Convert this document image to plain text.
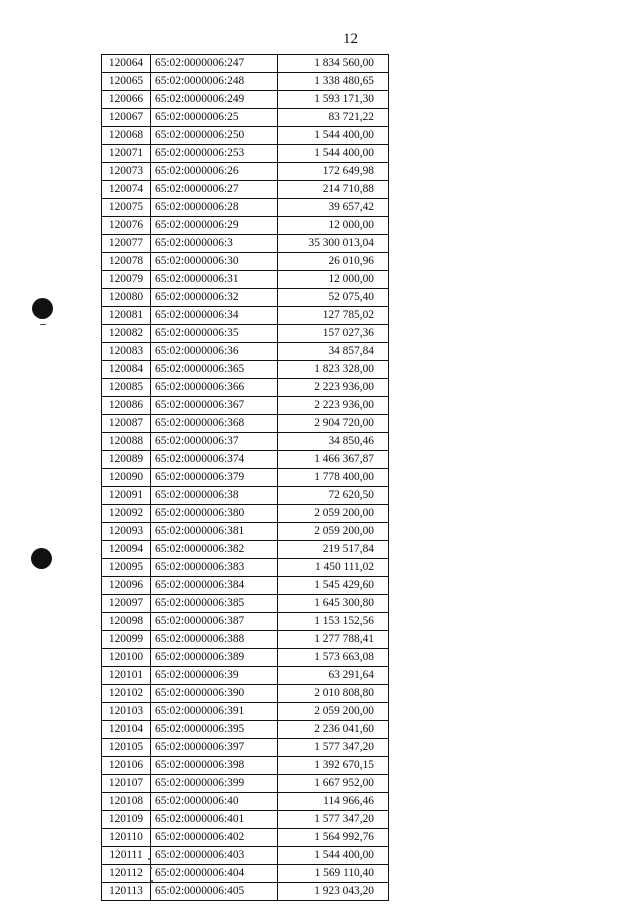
12
120064	65:02:0000006:247	1 834 560,00
120065	65:02:0000006:248	1 338 480,65
120066	65:02:0000006:249	1 593 171,30
120067	65:02:0000006:25	83 721,22
120068	65:02:0000006:250	1 544 400,00
120071	65:02:0000006:253	1 544 400,00
120073	65:02:0000006:26	172 649,98
120074	65:02:0000006:27	214 710,88
120075	65:02:0000006:28	39 657,42
120076	65:02:0000006:29	12 000,00
120077	65:02:0000006:3	35 300 013,04
120078	65:02:0000006:30	26 010,96
120079	65:02:0000006:31	12 000,00
120080	65:02:0000006:32	52 075,40
120081	65:02:0000006:34	127 785,02
120082	65:02:0000006:35	157 027,36
120083	65:02:0000006:36	34 857,84
120084	65:02:0000006:365	1 823 328,00
120085	65:02:0000006:366	2 223 936,00
120086	65:02:0000006:367	2 223 936,00
120087	65:02:0000006:368	2 904 720,00
120088	65:02:0000006:37	34 850,46
120089	65:02:0000006:374	1 466 367,87
120090	65:02:0000006:379	1 778 400,00
120091	65:02:0000006:38	72 620,50
120092	65:02:0000006:380	2 059 200,00
120093	65:02:0000006:381	2 059 200,00
120094	65:02:0000006:382	219 517,84
120095	65:02:0000006:383	1 450 111,02
120096	65:02:0000006:384	1 545 429,60
120097	65:02:0000006:385	1 645 300,80
120098	65:02:0000006:387	1 153 152,56
120099	65:02:0000006:388	1 277 788,41
120100	65:02:0000006:389	1 573 663,08
120101	65:02:0000006:39	63 291,64
120102	65:02:0000006:390	2 010 808,80
120103	65:02:0000006:391	2 059 200,00
120104	65:02:0000006:395	2 236 041,60
120105	65:02:0000006:397	1 577 347,20
120106	65:02:0000006:398	1 392 670,15
120107	65:02:0000006:399	1 667 952,00
120108	65:02:0000006:40	114 966,46
120109	65:02:0000006:401	1 577 347,20
120110	65:02:0000006:402	1 564 992,76
120111	65:02:0000006:403	1 544 400,00
120112	65:02:0000006:404	1 569 110,40
120113	65:02:0000006:405	1 923 043,20
